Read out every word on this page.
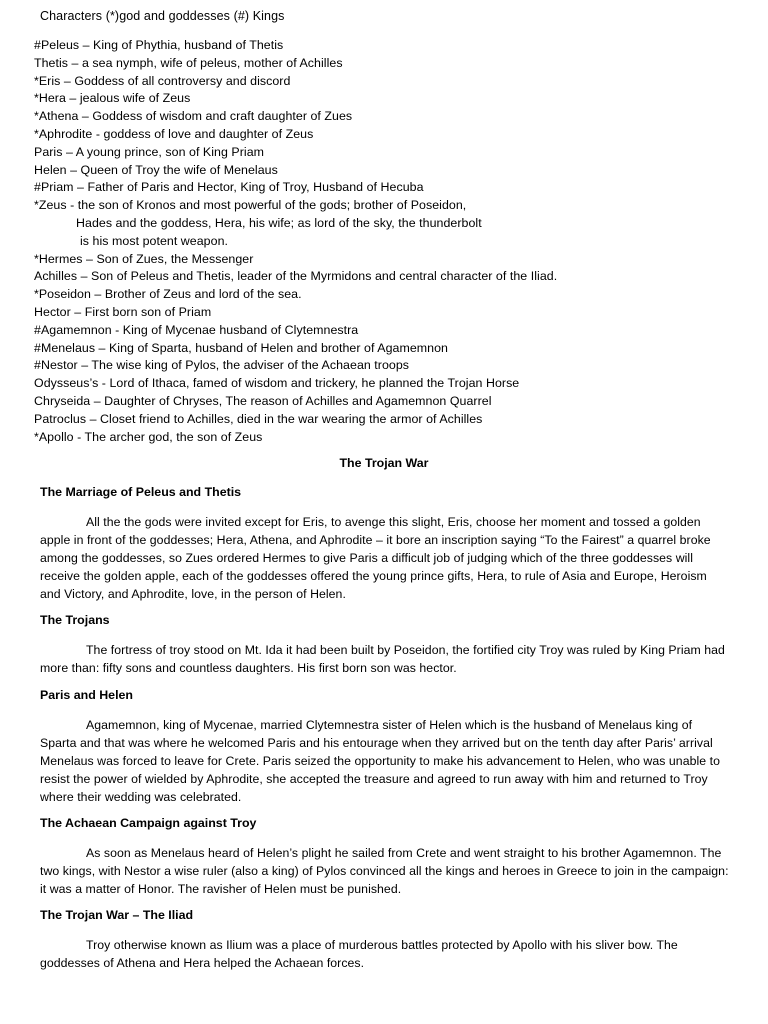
Characters (*)god and goddesses (#) Kings
#Peleus – King of Phythia, husband of Thetis
Thetis – a sea nymph, wife of peleus, mother of Achilles
*Eris – Goddess of all controversy and discord
*Hera – jealous wife of Zeus
*Athena – Goddess of wisdom and craft daughter of Zues
*Aphrodite - goddess of love and daughter of Zeus
Paris – A young prince, son of King Priam
Helen – Queen of Troy the wife of Menelaus
#Priam – Father of Paris and Hector, King of Troy, Husband of Hecuba
*Zeus - the son of Kronos and most powerful of the gods; brother of Poseidon,
Hades and the goddess, Hera, his wife; as lord of the sky, the thunderbolt
is his most potent weapon.
*Hermes – Son of Zues, the Messenger
Achilles – Son of Peleus and Thetis, leader of the Myrmidons and central character of the Iliad.
*Poseidon – Brother of Zeus and lord of the sea.
Hector – First born son of Priam
#Agamemnon - King of Mycenae husband of Clytemnestra
#Menelaus – King of Sparta, husband of Helen and brother of Agamemnon
#Nestor – The wise king of Pylos, the adviser of the Achaean troops
Odysseus’s - Lord of Ithaca, famed of wisdom and trickery, he planned the Trojan Horse
Chryseida – Daughter of Chryses, The reason of Achilles and Agamemnon Quarrel
Patroclus – Closet friend to Achilles, died in the war wearing the armor of Achilles
*Apollo - The archer god, the son of Zeus
The Trojan War
The Marriage of Peleus and Thetis
All the the gods were invited except for Eris, to avenge this slight, Eris, choose her moment and tossed a golden apple in front of the goddesses; Hera, Athena, and Aphrodite – it bore an inscription saying “To the Fairest” a quarrel broke among the goddesses, so Zues ordered Hermes to give Paris a difficult job of judging which of the three goddesses will receive the golden apple, each of the goddesses offered the young prince gifts, Hera, to rule of Asia and Europe, Heroism and Victory, and Aphrodite, love, in the person of Helen.
The Trojans
The fortress of troy stood on Mt. Ida it had been built by Poseidon, the fortified city Troy was ruled by King Priam had more than: fifty sons and countless daughters. His first born son was hector.
Paris and Helen
Agamemnon, king of Mycenae, married Clytemnestra sister of Helen which is the husband of Menelaus king of Sparta and that was where he welcomed Paris and his entourage when they arrived but on the tenth day after Paris’ arrival Menelaus was forced to leave for Crete. Paris seized the opportunity to make his advancement to Helen, who was unable to resist the power of wielded by Aphrodite, she accepted the treasure and agreed to run away with him and returned to Troy where their wedding was celebrated.
The Achaean Campaign against Troy
As soon as Menelaus heard of Helen’s plight he sailed from Crete and went straight to his brother Agamemnon. The two kings, with Nestor a wise ruler (also a king) of Pylos convinced all the kings and heroes in Greece to join in the campaign: it was a matter of Honor. The ravisher of Helen must be punished.
The Trojan War – The Iliad
Troy otherwise known as Ilium was a place of murderous battles protected by Apollo with his sliver bow. The goddesses of Athena and Hera helped the Achaean forces.
